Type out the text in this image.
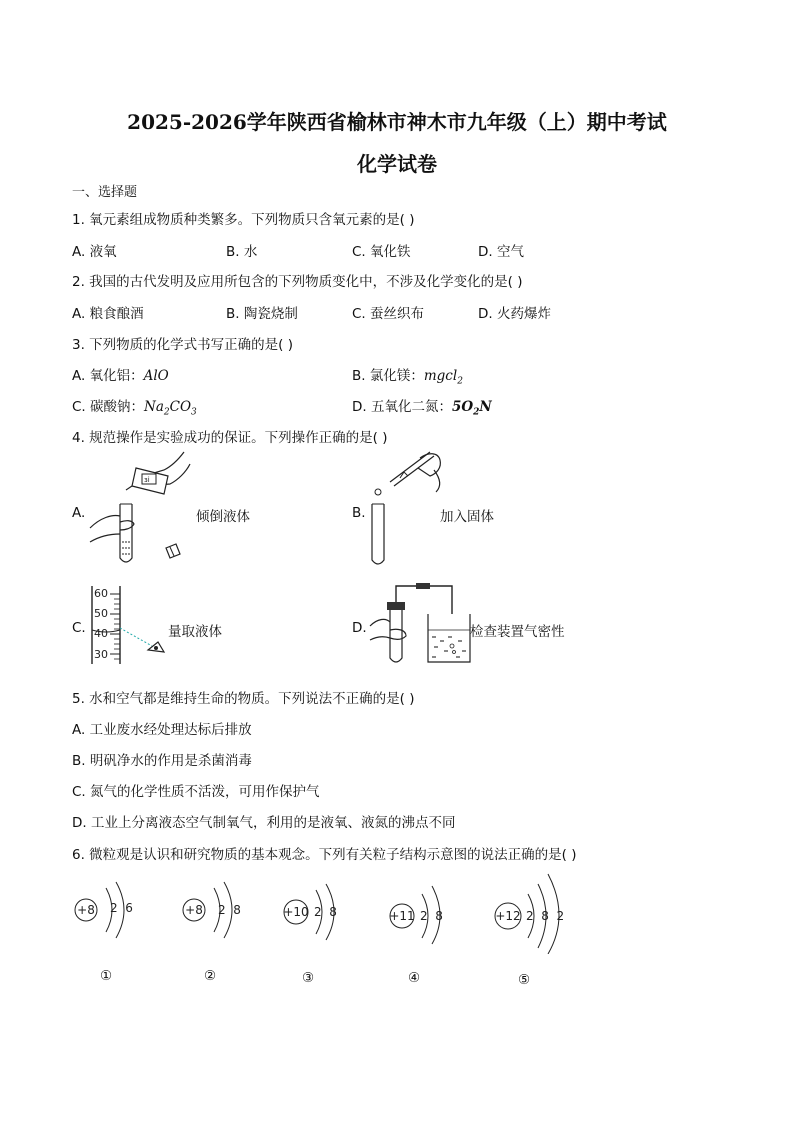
2025-2026学年陕西省榆林市神木市九年级（上）期中考试
化学试卷
一、选择题
1. 氧元素组成物质种类繁多。下列物质只含氧元素的是( )
A. 液氧	B. 水	C. 氧化铁	D. 空气
2. 我国的古代发明及应用所包含的下列物质变化中，不涉及化学变化的是( )
A. 粮食酿酒	B. 陶瓷烧制	C. 蚕丝织布	D. 火药爆炸
3. 下列物质的化学式书写正确的是( )
A. 氧化铝：AlO	B. 氯化镁：mgcl$_2$
C. 碳酸钠：$Na_2CO_3$	D. 五氧化二氮：$5O_2N$
4. 规范操作是实验成功的保证。下列操作正确的是( )
A.
ɜi
倾倒液体	B.	加入固体
C.
60
50
40
30
量取液体	D.	检查装置气密性
5. 水和空气都是维持生命的物质。下列说法不正确的是( )
A. 工业废水经处理达标后排放
B. 明矾净水的作用是杀菌消毒
C. 氮气的化学性质不活泼，可用作保护气
D. 工业上分离液态空气制氧气，利用的是液氧、液氮的沸点不同
6. 微粒观是认识和研究物质的基本观念。下列有关粒子结构示意图的说法正确的是( )
+8 2  6
①
+8 2  8
②
+10 2  8
③
+11 2  8
④
+12 2  8  2
⑤
